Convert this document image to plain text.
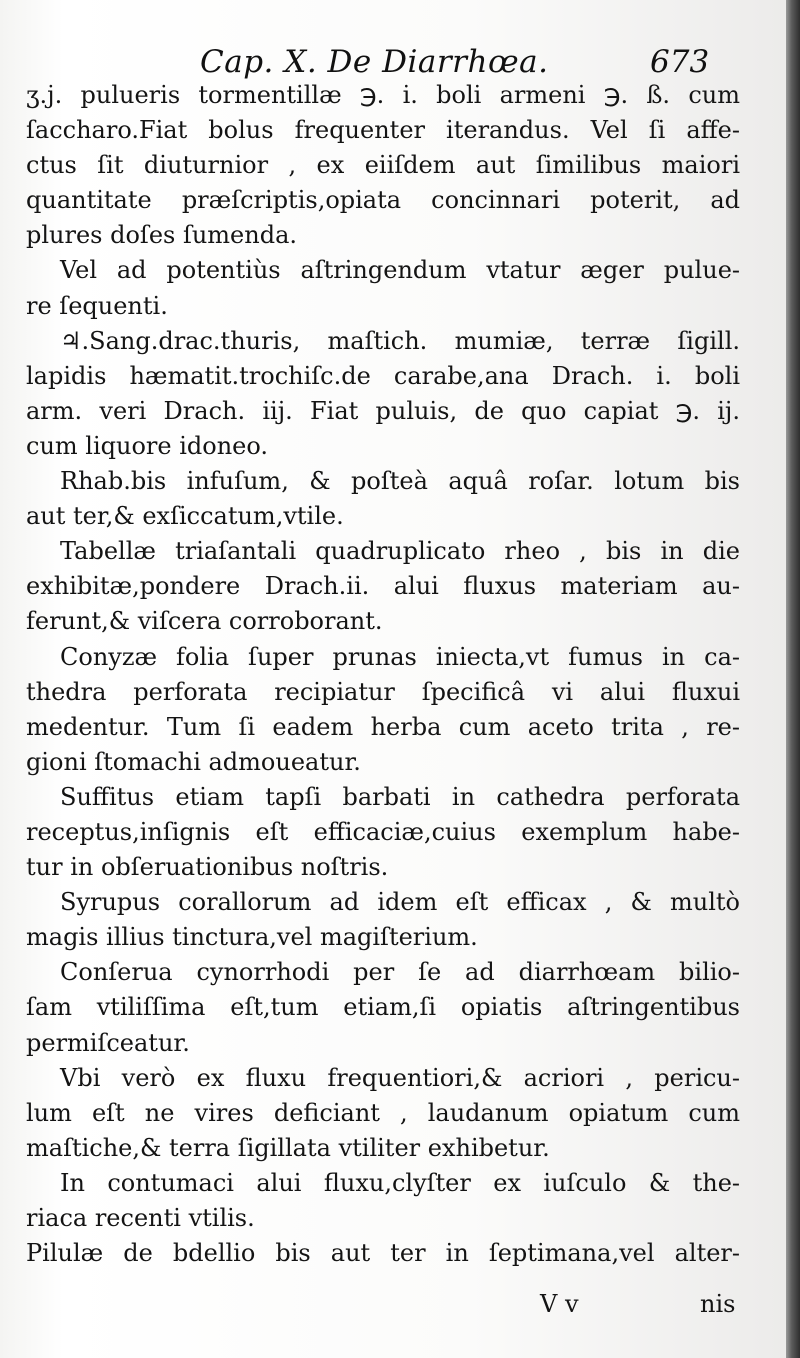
Cap. X. De Diarrhœa.	673
ʒ.j. pulueris tormentillæ ℈. i. boli armeni ℈. ß. cum
ſaccharo.Fiat bolus frequenter iterandus. Vel ſi affe-
ctus ſit diuturnior , ex eiiſdem aut ſimilibus maiori
quantitate præſcriptis,opiata concinnari poterit, ad
plures doſes ſumenda.
Vel ad potentiùs aſtringendum vtatur æger pulue-
re ſequenti.
♃.Sang.drac.thuris, maſtich. mumiæ, terræ ſigill.
lapidis hæmatit.trochiſc.de carabe,ana Drach. i. boli
arm. veri Drach. iij. Fiat puluis, de quo capiat ℈. ij.
cum liquore idoneo.
Rhab.bis infuſum, & poſteà aquâ roſar. lotum bis
aut ter,& exſiccatum,vtile.
Tabellæ triaſantali quadruplicato rheo , bis in die
exhibitæ,pondere Drach.ii. alui fluxus materiam au-
ferunt,& viſcera corroborant.
Conyzæ folia ſuper prunas iniecta,vt fumus in ca-
thedra perforata recipiatur ſpecificâ vi alui fluxui
medentur. Tum ſi eadem herba cum aceto trita , re-
gioni ſtomachi admoueatur.
Suffitus etiam tapſi barbati in cathedra perforata
receptus,inſignis eſt efficaciæ,cuius exemplum habe-
tur in obſeruationibus noſtris.
Syrupus corallorum ad idem eſt efficax , & multò
magis illius tinctura,vel magiſterium.
Conſerua cynorrhodi per ſe ad diarrhœam bilio-
ſam vtiliſſima eſt,tum etiam,ſi opiatis aſtringentibus
permiſceatur.
Vbi verò ex fluxu frequentiori,& acriori , pericu-
lum eſt ne vires deficiant , laudanum opiatum cum
maſtiche,& terra ſigillata vtiliter exhibetur.
In contumaci alui fluxu,clyſter ex iuſculo & the-
riaca recenti vtilis.
Pilulæ de bdellio bis aut ter in ſeptimana,vel alter-
V v	nis
